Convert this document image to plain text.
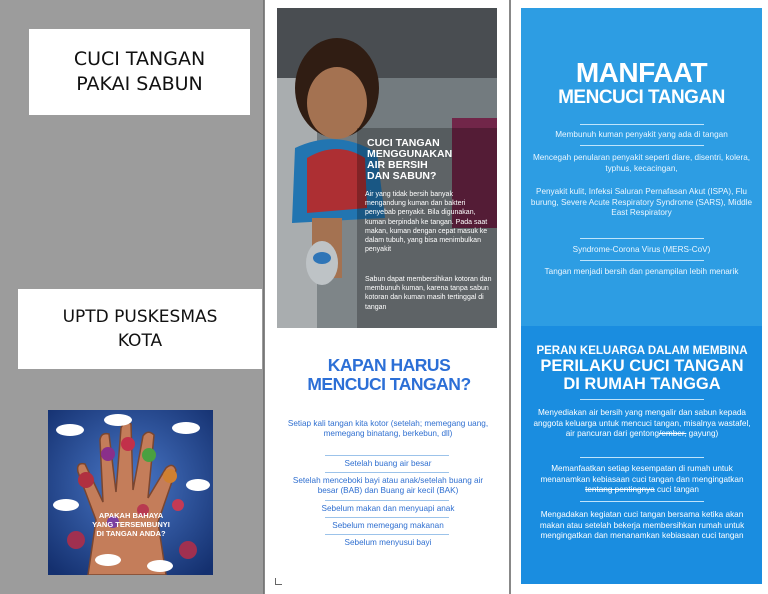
CUCI TANGAN
PAKAI SABUN
UPTD PUSKESMAS
KOTA
APAKAH BAHAYA
YANG TERSEMBUNYI
DI TANGAN ANDA?
CUCI TANGAN
MENGGUNAKAN
AIR BERSIH
DAN SABUN?
Air yang tidak bersih banyak mengandung kuman dan bakteri penyebab penyakit. Bila digunakan, kuman berpindah ke tangan. Pada saat makan, kuman dengan cepat masuk ke dalam tubuh, yang bisa menimbulkan penyakit
Sabun dapat membersihkan kotoran dan membunuh kuman, karena tanpa sabun kotoran dan kuman masih tertinggal di tangan
KAPAN HARUS
MENCUCI TANGAN?
Setiap kali tangan kita kotor (setelah; memegang uang, memegang binatang, berkebun, dll)
Setelah buang air besar
Setelah menceboki bayi atau anak/setelah buang air besar (BAB) dan Buang air kecil (BAK)
Sebelum makan dan menyuapi anak
Sebelum memegang makanan
Sebelum menyusui bayi
MANFAAT
MENCUCI TANGAN
Membunuh kuman penyakit yang ada di tangan
Mencegah penularan penyakit seperti diare, disentri, kolera, typhus, kecacingan,
Penyakit kulit, Infeksi Saluran Pernafasan Akut (ISPA), Flu burung, Severe Acute Respiratory Syndrome (SARS), Middle East Respiratory
Syndrome-Corona Virus (MERS-CoV)
Tangan menjadi bersih dan penampilan lebih menarik
PERAN KELUARGA DALAM MEMBINA
PERILAKU CUCI TANGAN
DI RUMAH TANGGA
Menyediakan air bersih yang mengalir dan sabun kepada anggota keluarga untuk mencuci tangan, misalnya wastafel, air pancuran dari gentong/ember, gayung)
Memanfaatkan setiap kesempatan di rumah untuk menanamkan kebiasaan cuci tangan dan mengingatkan tentang pentingnya cuci tangan
Mengadakan kegiatan cuci tangan bersama ketika akan makan atau setelah bekerja membersihkan rumah untuk mengingatkan dan menanamkan kebiasaan cuci tangan
